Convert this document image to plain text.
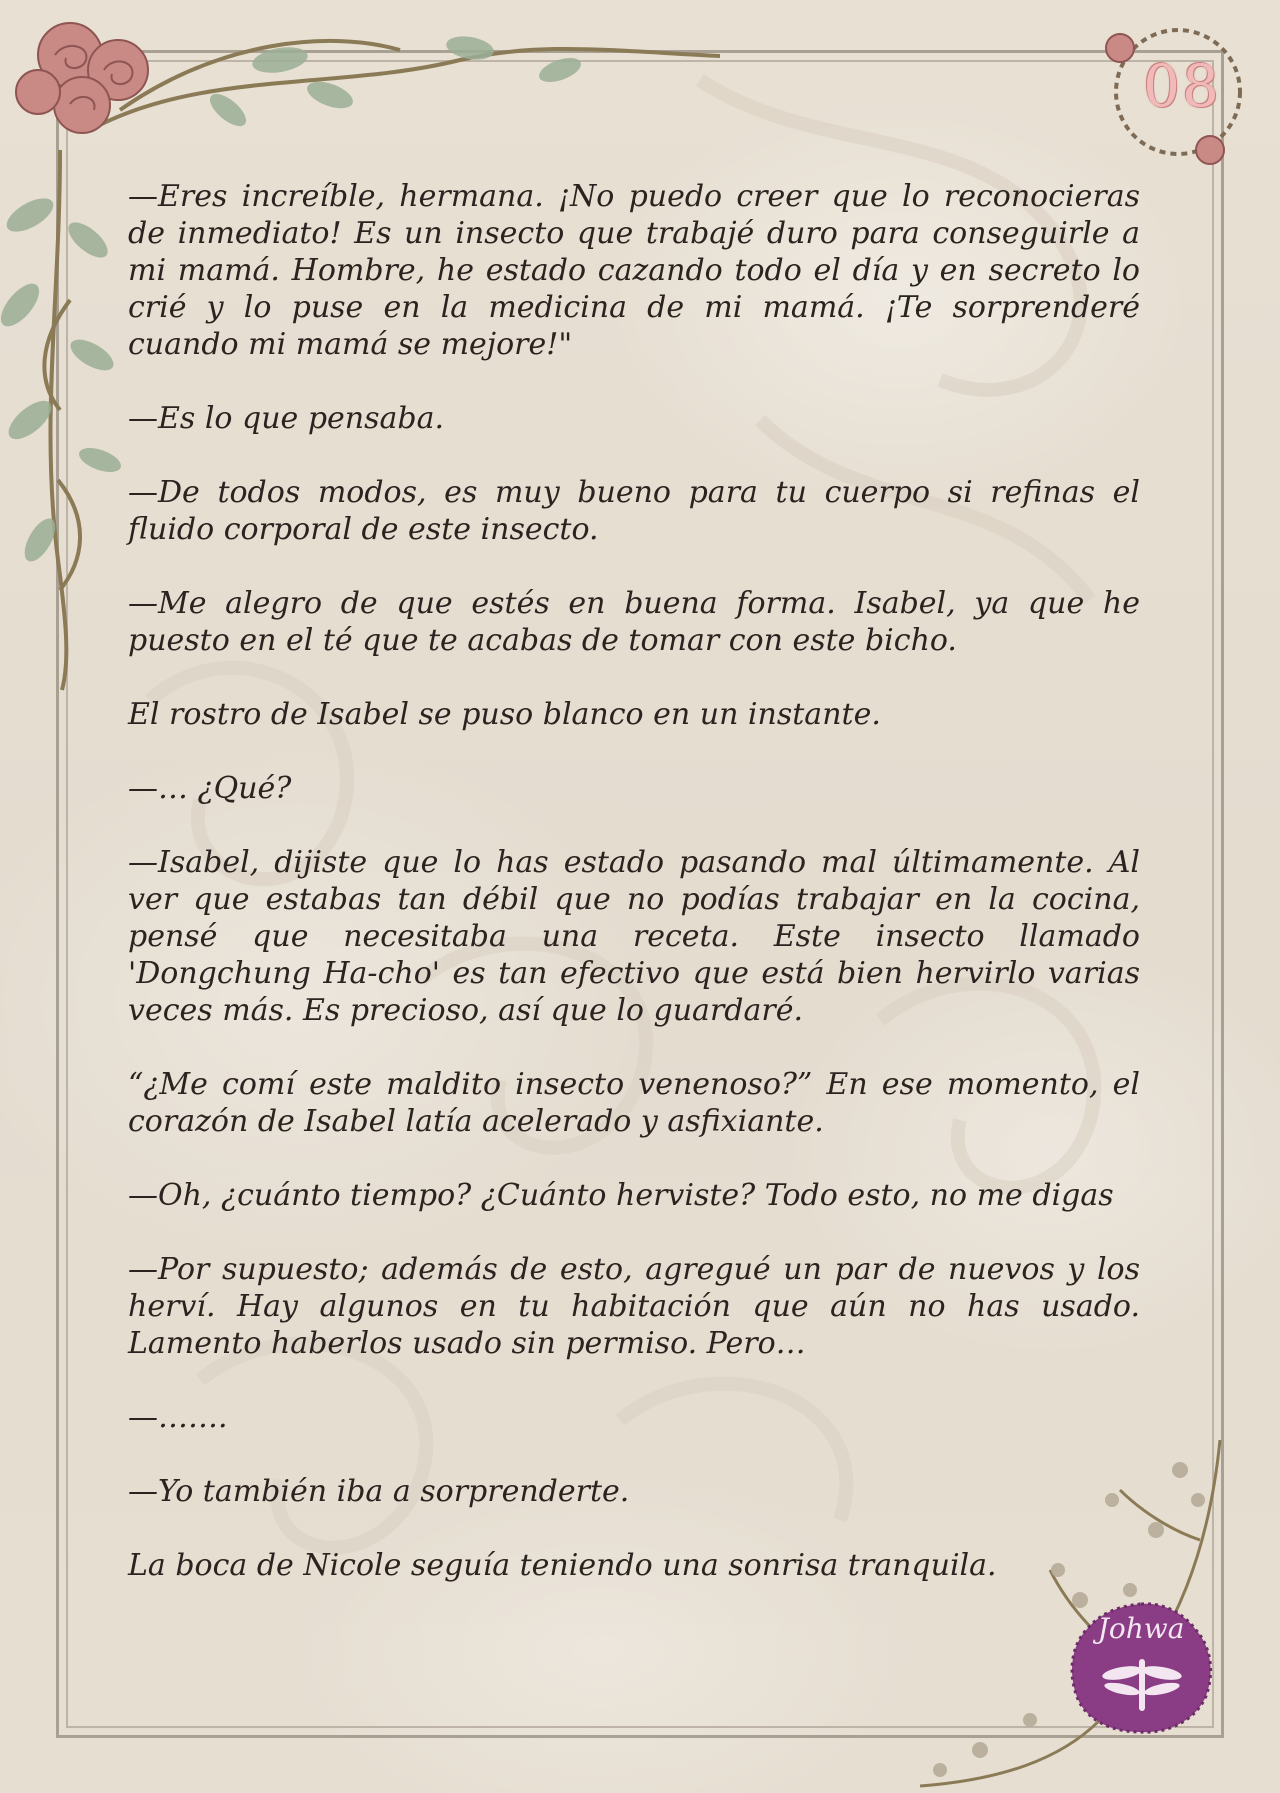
08
Johwa

—Eres increíble, hermana. ¡No puedo creer que lo reconocieras de inmediato! Es un insecto que trabajé duro para conseguirle a mi mamá. Hombre, he estado cazando todo el día y en secreto lo crié y lo puse en la medicina de mi mamá. ¡Te sorprenderé cuando mi mamá se mejore!"

—Es lo que pensaba.

—De todos modos, es muy bueno para tu cuerpo si refinas el fluido corporal de este insecto.

—Me alegro de que estés en buena forma. Isabel, ya que he puesto en el té que te acabas de tomar con este bicho.

El rostro de Isabel se puso blanco en un instante.

—… ¿Qué?

—Isabel, dijiste que lo has estado pasando mal últimamente. Al ver que estabas tan débil que no podías trabajar en la cocina, pensé que necesitaba una receta. Este insecto llamado 'Dongchung Ha-cho' es tan efectivo que está bien hervirlo varias veces más. Es precioso, así que lo guardaré.

“¿Me comí este maldito insecto venenoso?” En ese momento, el corazón de Isabel latía acelerado y asfixiante.

—Oh, ¿cuánto tiempo? ¿Cuánto herviste? Todo esto, no me digas

—Por supuesto; además de esto, agregué un par de nuevos y los herví. Hay algunos en tu habitación que aún no has usado. Lamento haberlos usado sin permiso. Pero…

—…….

—Yo también iba a sorprenderte.

La boca de Nicole seguía teniendo una sonrisa tranquila.
